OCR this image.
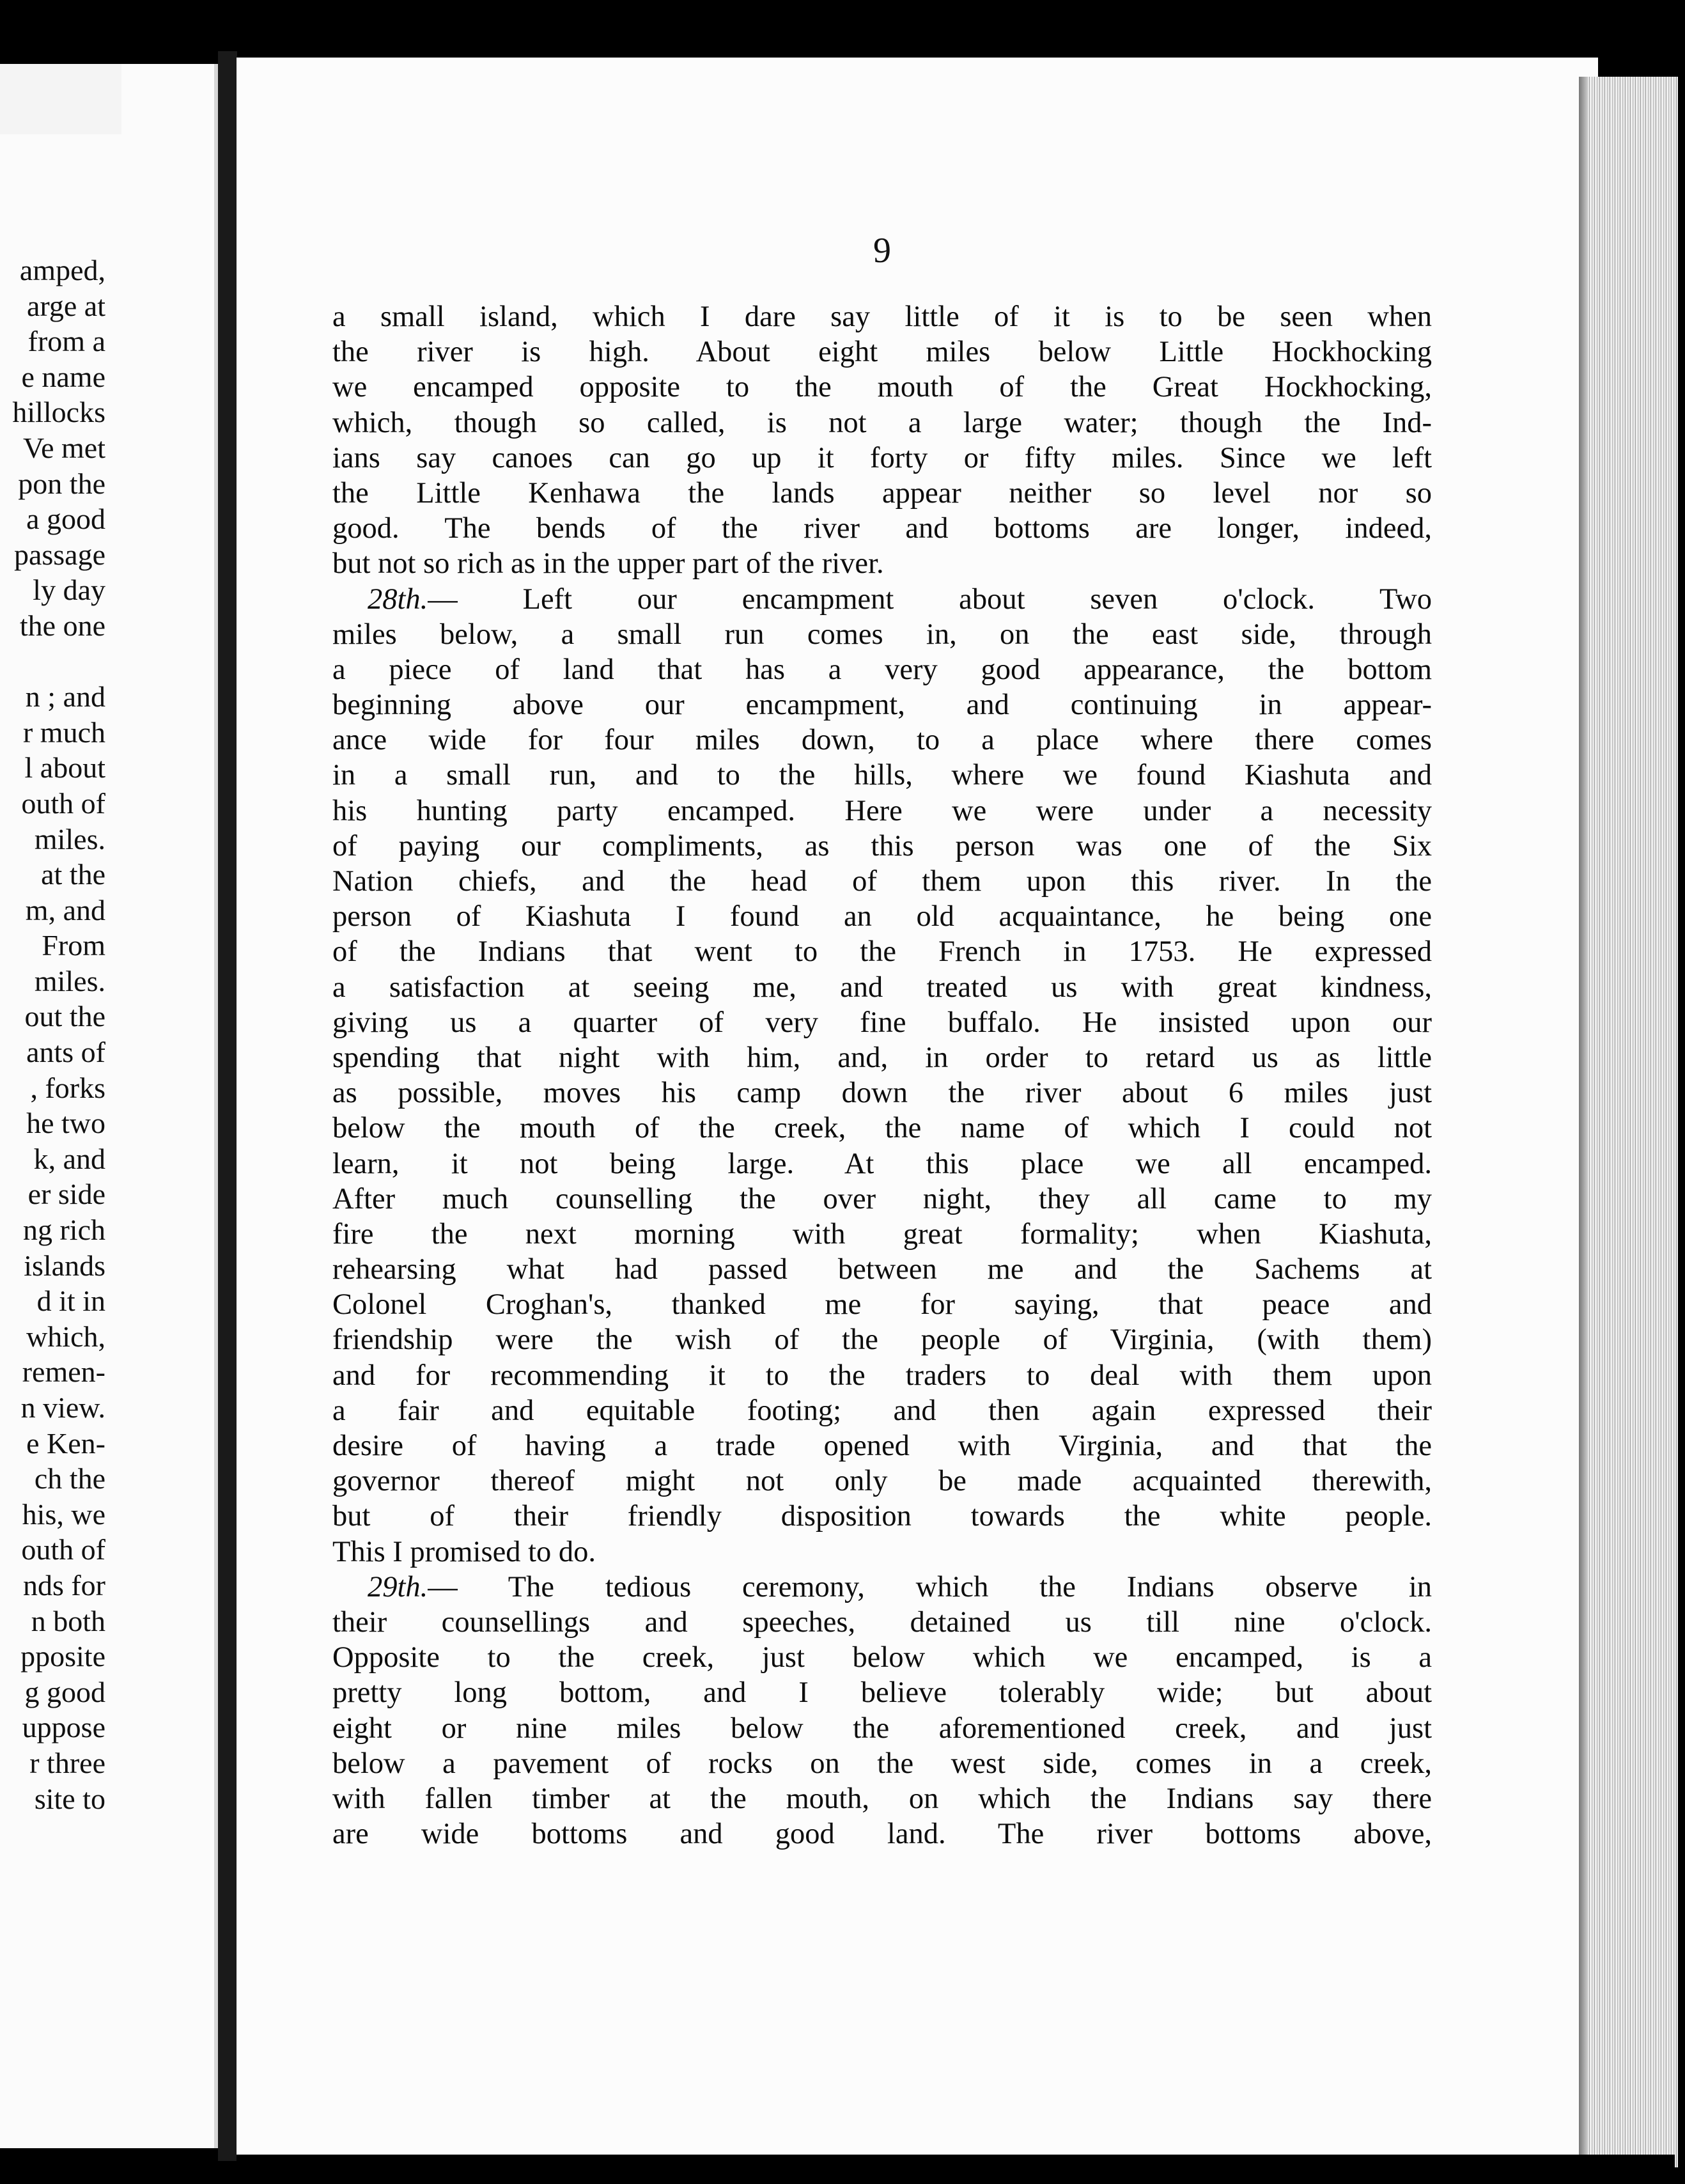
amped,
arge at
from a
e name
hillocks
Ve met
pon the
a good
passage
ly day
the one

n ; and
r much
l about
outh of
miles.
at the
m, and
From
miles.
out the
ants of
, forks
he two
k, and
er side
ng rich
islands
d it in
which,
remen-
n view.
e Ken-
ch the
his, we
outh of
nds for
n both
pposite
g good
uppose
r three
site to
9
a small island, which I dare say little of it is to be seen when
the river is high. About eight miles below Little Hockhocking
we encamped opposite to the mouth of the Great Hockhocking,
which, though so called, is not a large water; though the Ind-
ians say canoes can go up it forty or fifty miles. Since we left
the Little Kenhawa the lands appear neither so level nor so
good. The bends of the river and bottoms are longer, indeed,
but not so rich as in the upper part of the river.
28th.— Left our encampment about seven o'clock. Two
miles below, a small run comes in, on the east side, through
a piece of land that has a very good appearance, the bottom
beginning above our encampment, and continuing in appear-
ance wide for four miles down, to a place where there comes
in a small run, and to the hills, where we found Kiashuta and
his hunting party encamped. Here we were under a necessity
of paying our compliments, as this person was one of the Six
Nation chiefs, and the head of them upon this river. In the
person of Kiashuta I found an old acquaintance, he being one
of the Indians that went to the French in 1753. He expressed
a satisfaction at seeing me, and treated us with great kindness,
giving us a quarter of very fine buffalo. He insisted upon our
spending that night with him, and, in order to retard us as little
as possible, moves his camp down the river about 6 miles just
below the mouth of the creek, the name of which I could not
learn, it not being large. At this place we all encamped.
After much counselling the over night, they all came to my
fire the next morning with great formality; when Kiashuta,
rehearsing what had passed between me and the Sachems at
Colonel Croghan's, thanked me for saying, that peace and
friendship were the wish of the people of Virginia, (with them)
and for recommending it to the traders to deal with them upon
a fair and equitable footing; and then again expressed their
desire of having a trade opened with Virginia, and that the
governor thereof might not only be made acquainted therewith,
but of their friendly disposition towards the white people.
This I promised to do.
29th.— The tedious ceremony, which the Indians observe in
their counsellings and speeches, detained us till nine o'clock.
Opposite to the creek, just below which we encamped, is a
pretty long bottom, and I believe tolerably wide; but about
eight or nine miles below the aforementioned creek, and just
below a pavement of rocks on the west side, comes in a creek,
with fallen timber at the mouth, on which the Indians say there
are wide bottoms and good land. The river bottoms above,
